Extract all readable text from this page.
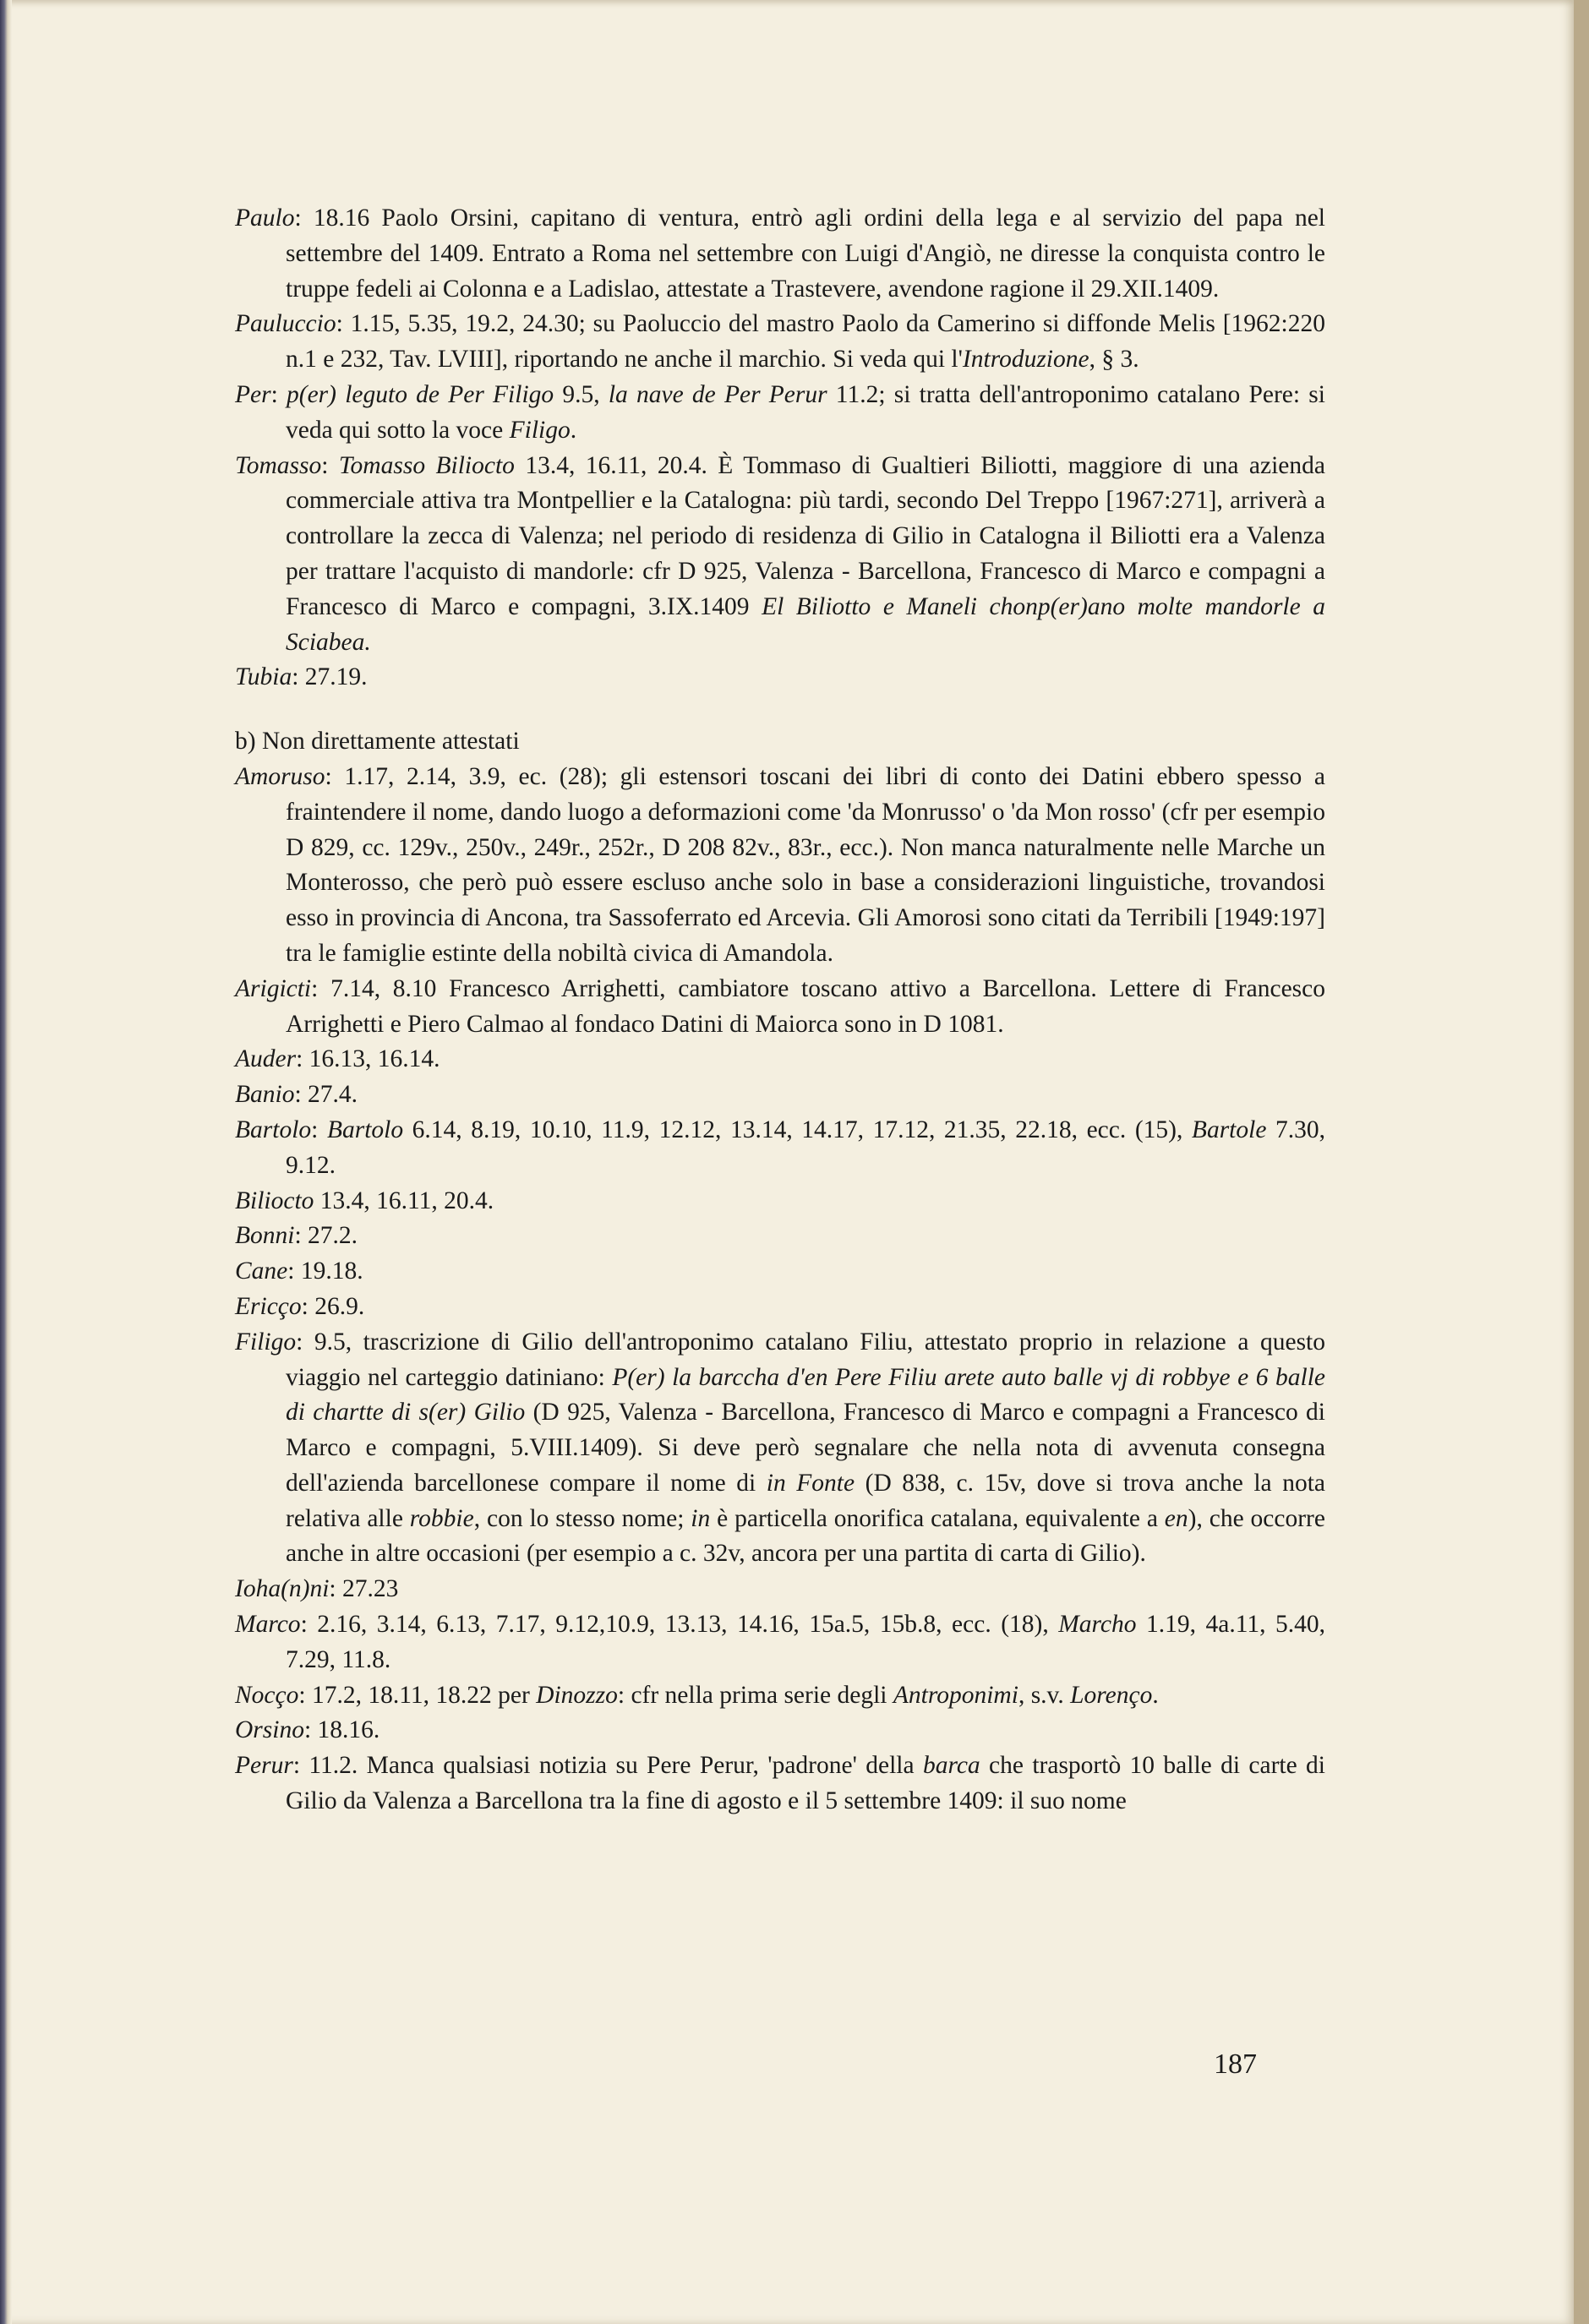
Paulo: 18.16 Paolo Orsini, capitano di ventura, entrò agli ordini della lega e al servizio del papa nel settembre del 1409. Entrato a Roma nel settembre con Luigi d'Angiò, ne diresse la conquista contro le truppe fedeli ai Colonna e a Ladislao, attestate a Trastevere, avendone ragione il 29.XII.1409.

Pauluccio: 1.15, 5.35, 19.2, 24.30; su Paoluccio del mastro Paolo da Camerino si diffonde Melis [1962:220 n.1 e 232, Tav. LVIII], riportando ne anche il marchio. Si veda qui l'Introduzione, § 3.

Per: p(er) leguto de Per Filigo 9.5, la nave de Per Perur 11.2; si tratta dell'antroponimo catalano Pere: si veda qui sotto la voce Filigo.

Tomasso: Tomasso Biliocto 13.4, 16.11, 20.4. È Tommaso di Gualtieri Biliotti, maggiore di una azienda commerciale attiva tra Montpellier e la Catalogna: più tardi, secondo Del Treppo [1967:271], arriverà a controllare la zecca di Valenza; nel periodo di residenza di Gilio in Catalogna il Biliotti era a Valenza per trattare l'acquisto di mandorle: cfr D 925, Valenza - Barcellona, Francesco di Marco e compagni a Francesco di Marco e compagni, 3.IX.1409 El Biliotto e Maneli chonp(er)ano molte mandorle a Sciabea.

Tubia: 27.19.

b) Non direttamente attestati

Amoruso: 1.17, 2.14, 3.9, ec. (28); gli estensori toscani dei libri di conto dei Datini ebbero spesso a fraintendere il nome, dando luogo a deformazioni come 'da Monrusso' o 'da Mon rosso' (cfr per esempio D 829, cc. 129v., 250v., 249r., 252r., D 208 82v., 83r., ecc.). Non manca naturalmente nelle Marche un Monterosso, che però può essere escluso anche solo in base a considerazioni linguistiche, trovandosi esso in provincia di Ancona, tra Sassoferrato ed Arcevia. Gli Amorosi sono citati da Terribili [1949:197] tra le famiglie estinte della nobiltà civica di Amandola.

Arigicti: 7.14, 8.10 Francesco Arrighetti, cambiatore toscano attivo a Barcellona. Lettere di Francesco Arrighetti e Piero Calmao al fondaco Datini di Maiorca sono in D 1081.

Auder: 16.13, 16.14.

Banio: 27.4.

Bartolo: Bartolo 6.14, 8.19, 10.10, 11.9, 12.12, 13.14, 14.17, 17.12, 21.35, 22.18, ecc. (15), Bartole 7.30, 9.12.

Biliocto 13.4, 16.11, 20.4.

Bonni: 27.2.

Cane: 19.18.

Ericço: 26.9.

Filigo: 9.5, trascrizione di Gilio dell'antroponimo catalano Filiu, attestato proprio in relazione a questo viaggio nel carteggio datiniano: P(er) la barccha d'en Pere Filiu arete auto balle vj di robbye e 6 balle di chartte di s(er) Gilio (D 925, Valenza - Barcellona, Francesco di Marco e compagni a Francesco di Marco e compagni, 5.VIII.1409). Si deve però segnalare che nella nota di avvenuta consegna dell'azienda barcellonese compare il nome di in Fonte (D 838, c. 15v, dove si trova anche la nota relativa alle robbie, con lo stesso nome; in è particella onorifica catalana, equivalente a en), che occorre anche in altre occasioni (per esempio a c. 32v, ancora per una partita di carta di Gilio).

Ioha(n)ni: 27.23

Marco: 2.16, 3.14, 6.13, 7.17, 9.12,10.9, 13.13, 14.16, 15a.5, 15b.8, ecc. (18), Marcho 1.19, 4a.11, 5.40, 7.29, 11.8.

Nocço: 17.2, 18.11, 18.22 per Dinozzo: cfr nella prima serie degli Antroponimi, s.v. Lorenço.

Orsino: 18.16.

Perur: 11.2. Manca qualsiasi notizia su Pere Perur, 'padrone' della barca che trasportò 10 balle di carte di Gilio da Valenza a Barcellona tra la fine di agosto e il 5 settembre 1409: il suo nome

187
